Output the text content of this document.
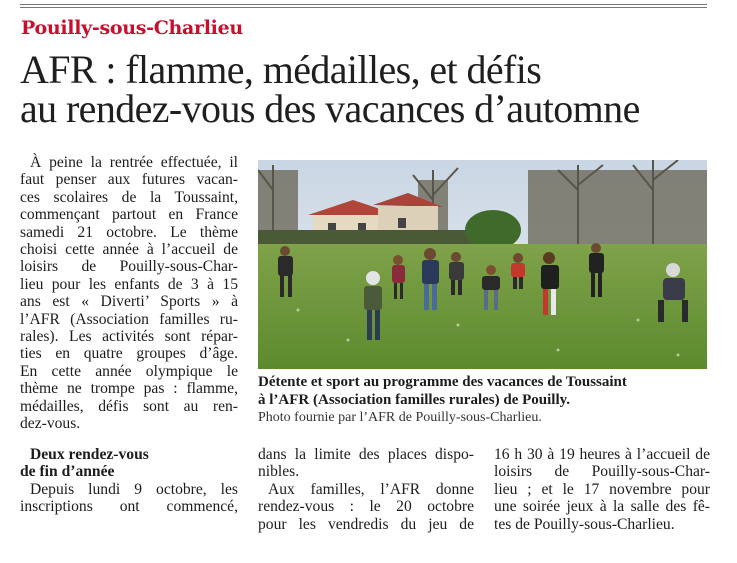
Pouilly-sous-Charlieu
AFR : flamme, médailles, et défis
au rendez-vous des vacances d’automne

À peine la rentrée effectuée, il
faut penser aux futures vacan-
ces scolaires de la Toussaint,
commençant partout en France
samedi 21 octobre. Le thème
choisi cette année à l’accueil de
loisirs de Pouilly-sous-Char-
lieu pour les enfants de 3 à 15
ans est « Diverti’ Sports » à
l’AFR (Association familles ru-
rales). Les activités sont répar-
ties en quatre groupes d’âge.
En cette année olympique le
thème ne trompe pas : flamme,
médailles, défis sont au ren-
dez-vous.

Deux rendez-vous
de fin d’année

Depuis lundi 9 octobre, les
inscriptions ont commencé,

Détente et sport au programme des vacances de Toussaint
à l’AFR (Association familles rurales) de Pouilly.
Photo fournie par l’AFR de Pouilly-sous-Charlieu.

dans la limite des places dispo-
nibles.

Aux familles, l’AFR donne
rendez-vous : le 20 octobre
pour les vendredis du jeu de

16 h 30 à 19 heures à l’accueil de
loisirs de Pouilly-sous-Char-
lieu ; et le 17 novembre pour
une soirée jeux à la salle des fê-
tes de Pouilly-sous-Charlieu.
